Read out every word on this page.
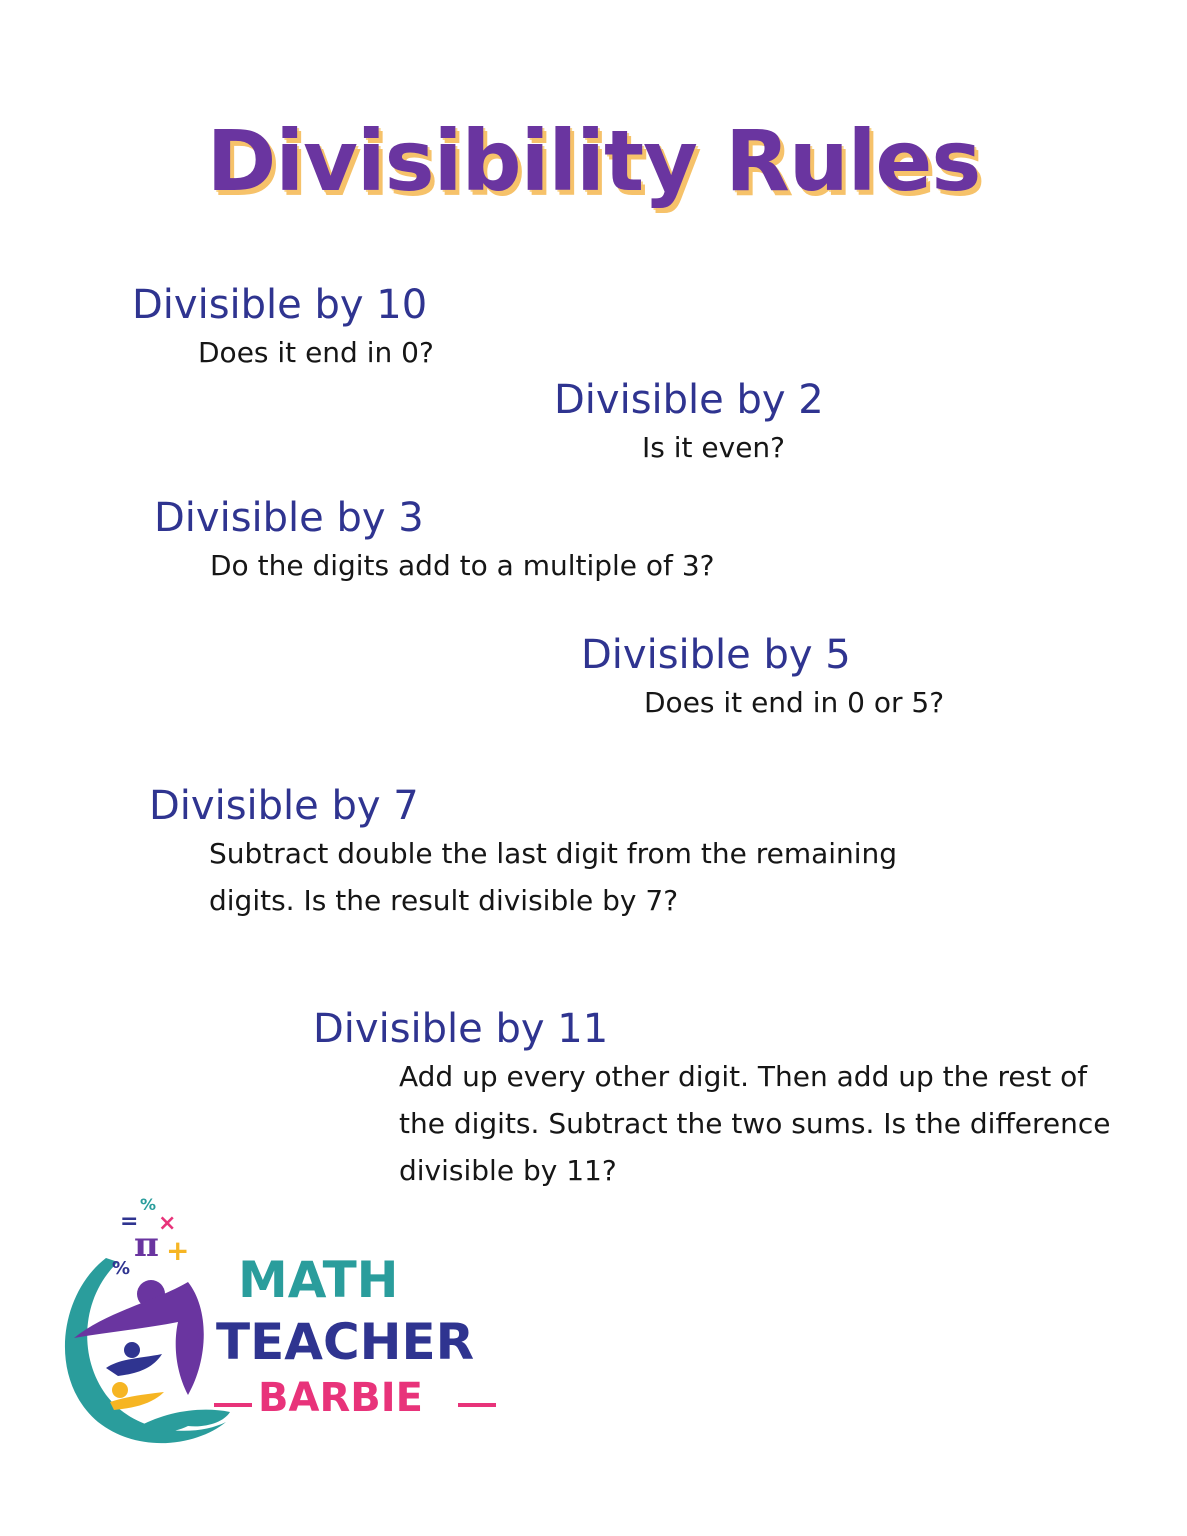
Divisibility Rules
Divisible by 10
Does it end in 0?
Divisible by 2
Is it even?
Divisible by 3
Do the digits add to a multiple of 3?
Divisible by 5
Does it end in 0 or 5?
Divisible by 7
Subtract double the last digit from the remaining digits. Is the result divisible by 7?
Divisible by 11
Add up every other digit. Then add up the rest of the digits. Subtract the two sums. Is the difference divisible by 11?
=
%
×
π +
% MATH
TEACHER
BARBIE
